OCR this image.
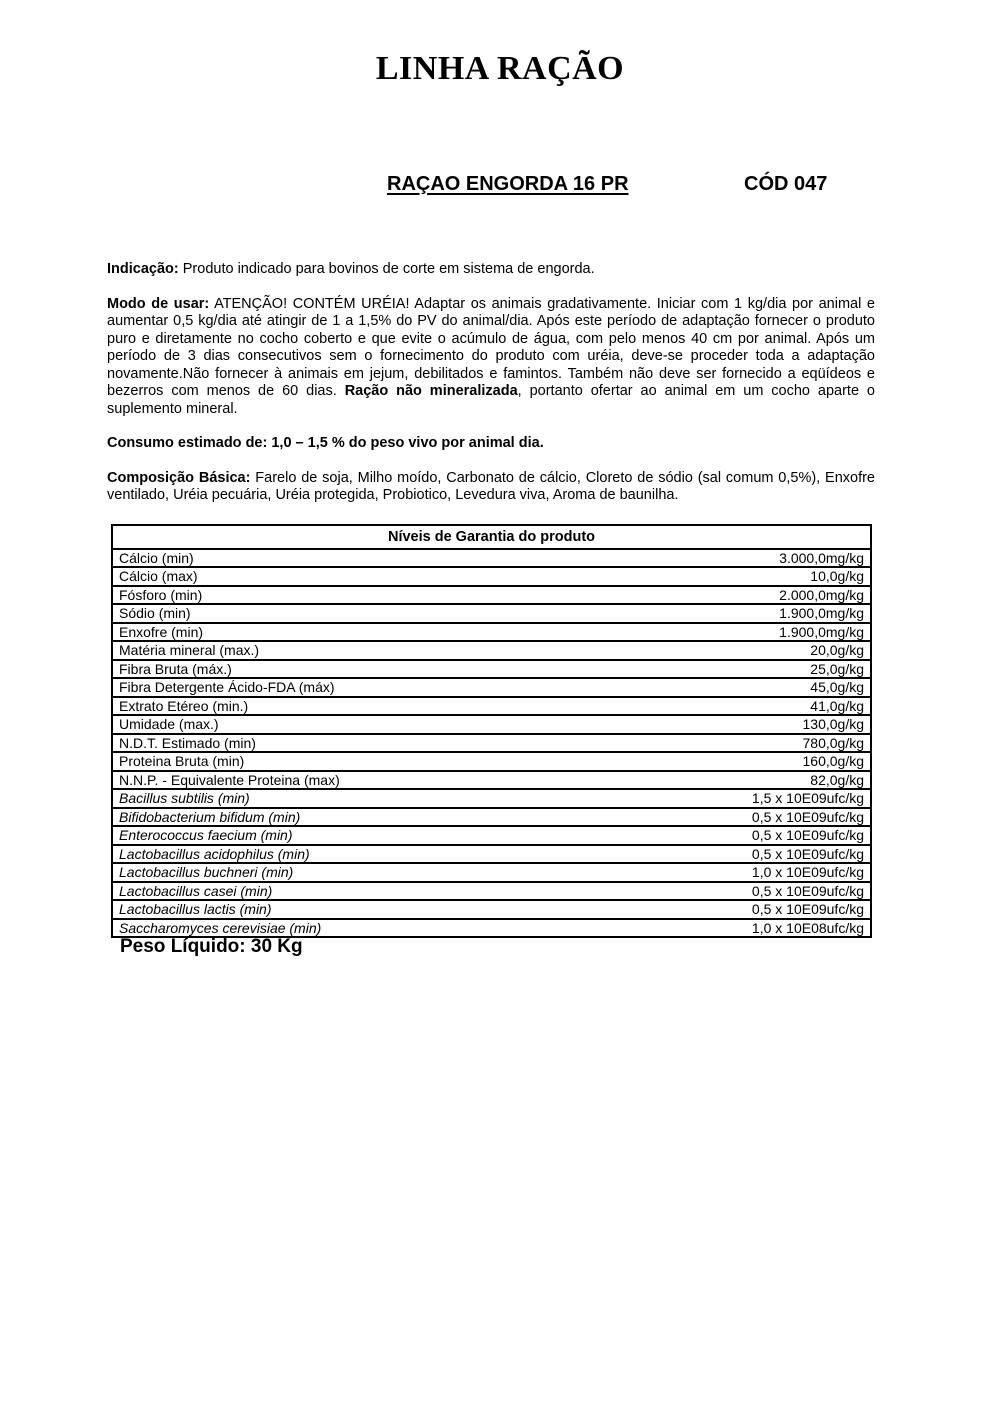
LINHA RAÇÃO
RAÇAO ENGORDA 16 PR	CÓD 047

Indicação: Produto indicado para bovinos de corte em sistema de engorda.

Modo de usar: ATENÇÃO! CONTÉM URÉIA! Adaptar os animais gradativamente. Iniciar com 1 kg/dia por animal e aumentar 0,5 kg/dia até atingir de 1 a 1,5% do PV do animal/dia. Após este período de adaptação fornecer o produto puro e diretamente no cocho coberto e que evite o acúmulo de água, com pelo menos 40 cm por animal. Após um período de 3 dias consecutivos sem o fornecimento do produto com uréia, deve-se proceder toda a adaptação novamente.Não fornecer à animais em jejum, debilitados e famintos. Também não deve ser fornecido a eqüídeos e bezerros com menos de 60 dias. Ração não mineralizada, portanto ofertar ao animal em um cocho aparte o suplemento mineral.

Consumo estimado de: 1,0 – 1,5 % do peso vivo por animal dia.

Composição Básica: Farelo de soja, Milho moído, Carbonato de cálcio, Cloreto de sódio (sal comum 0,5%), Enxofre ventilado, Uréia pecuária, Uréia protegida, Probiotico, Levedura viva, Aroma de baunilha.

Níveis de Garantia do produto	
Cálcio (min)	3.000,0mg/kg
Cálcio (max)	10,0g/kg
Fósforo (min)	2.000,0mg/kg
Sódio (min)	1.900,0mg/kg
Enxofre (min)	1.900,0mg/kg
Matéria mineral (max.)	20,0g/kg
Fibra Bruta (máx.)	25,0g/kg
Fibra Detergente Ácido-FDA (máx)	45,0g/kg
Extrato Etéreo (min.)	41,0g/kg
Umidade (max.)	130,0g/kg
N.D.T. Estimado (min)	780,0g/kg
Proteina Bruta (min)	160,0g/kg
N.N.P. - Equivalente Proteina (max)	82,0g/kg
Bacillus subtilis (min)	1,5 x 10E09ufc/kg
Bifidobacterium bifidum (min)	0,5 x 10E09ufc/kg
Enterococcus faecium (min)	0,5 x 10E09ufc/kg
Lactobacillus acidophilus (min)	0,5 x 10E09ufc/kg
Lactobacillus buchneri (min)	1,0 x 10E09ufc/kg
Lactobacillus casei (min)	0,5 x 10E09ufc/kg
Lactobacillus lactis (min)	0,5 x 10E09ufc/kg
Saccharomyces cerevisiae (min)	1,0 x 10E08ufc/kg

Peso Líquido: 30 Kg
